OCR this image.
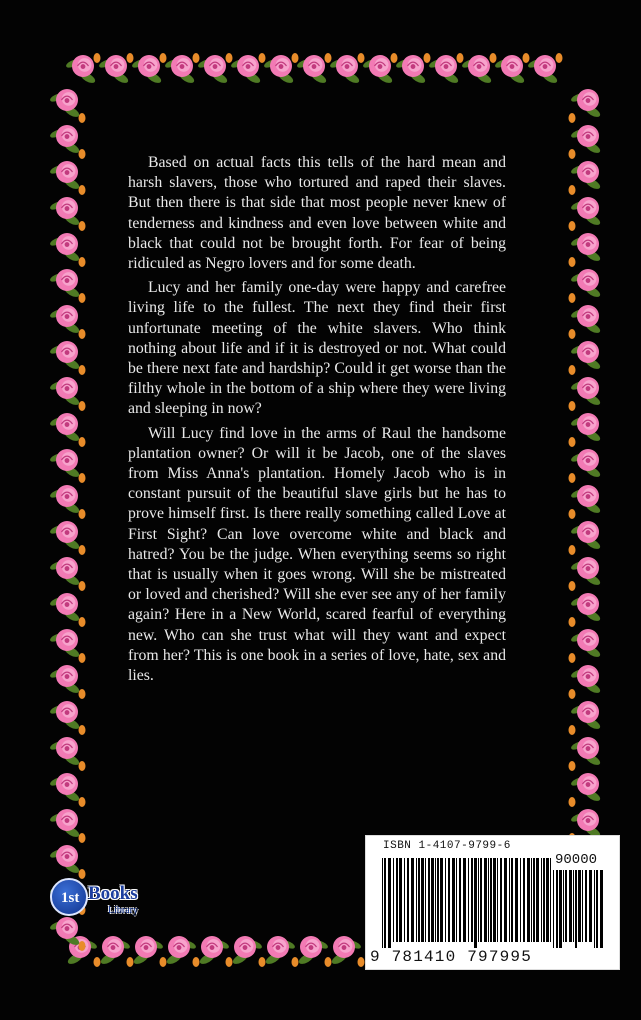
Based on actual facts this tells of the hard mean and harsh slavers, those who tortured and raped their slaves. But then there is that side that most people never knew of tenderness and kindness and even love between white and black that could not be brought forth. For fear of being ridiculed as Negro lovers and for some death.

Lucy and her family one-day were happy and carefree living life to the fullest. The next they find their first unfortunate meeting of the white slavers. Who think nothing about life and if it is destroyed or not. What could be there next fate and hardship? Could it get worse than the filthy whole in the bottom of a ship where they were living and sleeping in now?

Will Lucy find love in the arms of Raul the handsome plantation owner? Or will it be Jacob, one of the slaves from Miss Anna's plantation. Homely Jacob who is in constant pursuit of the beautiful slave girls but he has to prove himself first. Is there really something called Love at First Sight? Can love overcome white and black and hatred? You be the judge. When everything seems so right that is usually when it goes wrong. Will she be mistreated or loved and cherished? Will she ever see any of her family again? Here in a New World, scared fearful of everything new. Who can she trust what will they want and expect from her? This is one book in a series of love, hate, sex and lies.

1st Books
Library
ISBN 1-4107-9799-6
90000
9 781410 797995
